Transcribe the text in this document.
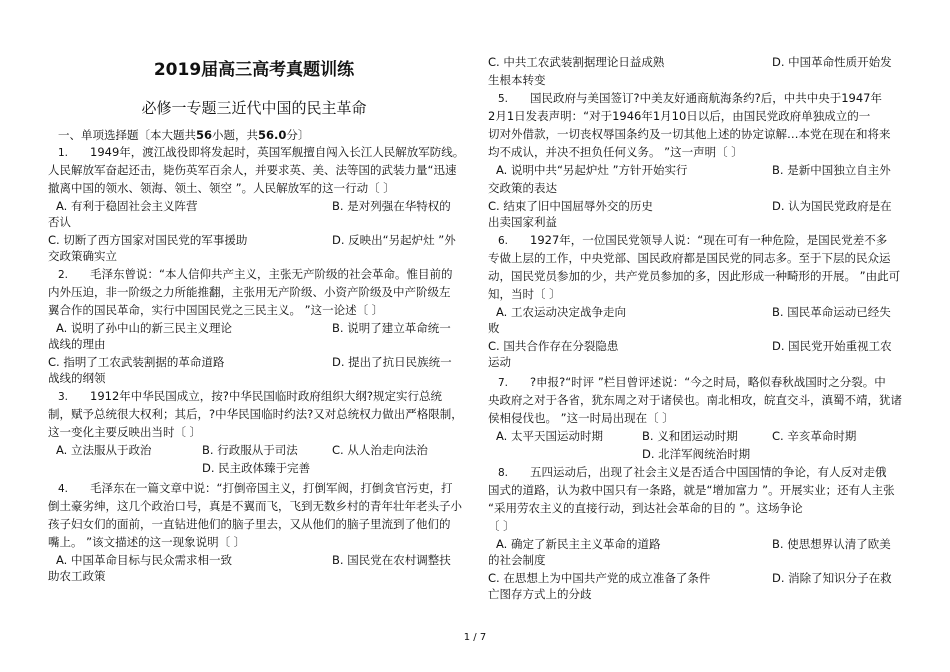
2019届高三高考真题训练
必修一专题三近代中国的民主革命
一、单项选择题〔本大题共56小题，共56.0分〕
1. 1949年，渡江战役即将发起时，英国军舰擅自闯入长江人民解放军防线。
人民解放军奋起还击，毙伤英军百余人，并要求英、美、法等国的武装力量“迅速
撤离中国的领水、领海、领土、领空 ”。人民解放军的这一行动〔 〕
A. 有利于稳固社会主义阵营	B. 是对列强在华特权的
否认
C. 切断了西方国家对国民党的军事援助	D. 反映出“另起炉灶 ”外
交政策确实立
2. 毛泽东曾说：“本人信仰共产主义，主张无产阶级的社会革命。惟目前的
内外压迫，非一阶级之力所能推翻，主张用无产阶级、小资产阶级及中产阶级左
翼合作的国民革命，实行中国国民党之三民主义。 ”这一论述〔 〕
A. 说明了孙中山的新三民主义理论	B. 说明了建立革命统一
战线的理由
C. 指明了工农武装割据的革命道路	D. 提出了抗日民族统一
战线的纲领
3. 1912年中华民国成立，按?中华民国临时政府组织大纲?规定实行总统
制，赋予总统很大权利；其后，?中华民国临时约法?又对总统权力做出严格限制，
这一变化主要反映出当时〔 〕
A. 立法服从于政治	B. 行政服从于司法	C. 从人治走向法治
D. 民主政体臻于完善
4. 毛泽东在一篇文章中说：“打倒帝国主义，打倒军阀，打倒贪官污吏，打
倒土豪劣绅，这几个政治口号，真是不翼而飞，飞到无数乡村的青年壮年老头子小
孩子妇女们的面前，一直钻进他们的脑子里去，又从他们的脑子里流到了他们的
嘴上。 ”该文描述的这一现象说明〔 〕
A. 中国革命目标与民众需求相一致	B. 国民党在农村调整扶
助农工政策
C. 中共工农武装割据理论日益成熟	D. 中国革命性质开始发
生根本转变
5. 国民政府与美国签订?中美友好通商航海条约?后，中共中央于1947年
2月1日发表声明：“对于1946年1月10日以后，由国民党政府单独成立的一
切对外借款，一切丧权辱国条约及一切其他上述的协定谅解…本党在现在和将来
均不成认，并决不担负任何义务。 ”这一声明〔 〕
A. 说明中共“另起炉灶 ”方针开始实行	B. 是新中国独立自主外
交政策的表达
C. 结束了旧中国屈辱外交的历史	D. 认为国民党政府是在
出卖国家利益
6. 1927年，一位国民党领导人说：“现在可有一种危险，是国民党差不多
专做上层的工作，中央党部、国民政府都是国民党的同志多。至于下层的民众运
动，国民党员参加的少，共产党员参加的多，因此形成一种畸形的开展。 ”由此可
知，当时〔 〕
A. 工农运动决定战争走向	B. 国民革命运动已经失
败
C. 国共合作存在分裂隐患	D. 国民党开始重视工农
运动
7. ?申报?“时评 ”栏目曾评述说：“今之时局，略似春秋战国时之分裂。中
央政府之对于各省，犹东周之对于诸侯也。南北相攻，皖直交斗，滇蜀不靖，犹诸
侯相侵伐也。 ”这一时局出现在〔 〕
A. 太平天国运动时期	B. 义和团运动时期	C. 辛亥革命时期
D. 北洋军阀统治时期
8. 五四运动后，出现了社会主义是否适合中国国情的争论，有人反对走俄
国式的道路，认为救中国只有一条路，就是“增加富力 ”。开展实业；还有人主张
“采用劳农主义的直接行动，到达社会革命的目的 ”。这场争论
〔 〕
A. 确定了新民主主义革命的道路	B. 使思想界认清了欧美
的社会制度
C. 在思想上为中国共产党的成立准备了条件	D. 消除了知识分子在救
亡图存方式上的分歧
1 / 7
